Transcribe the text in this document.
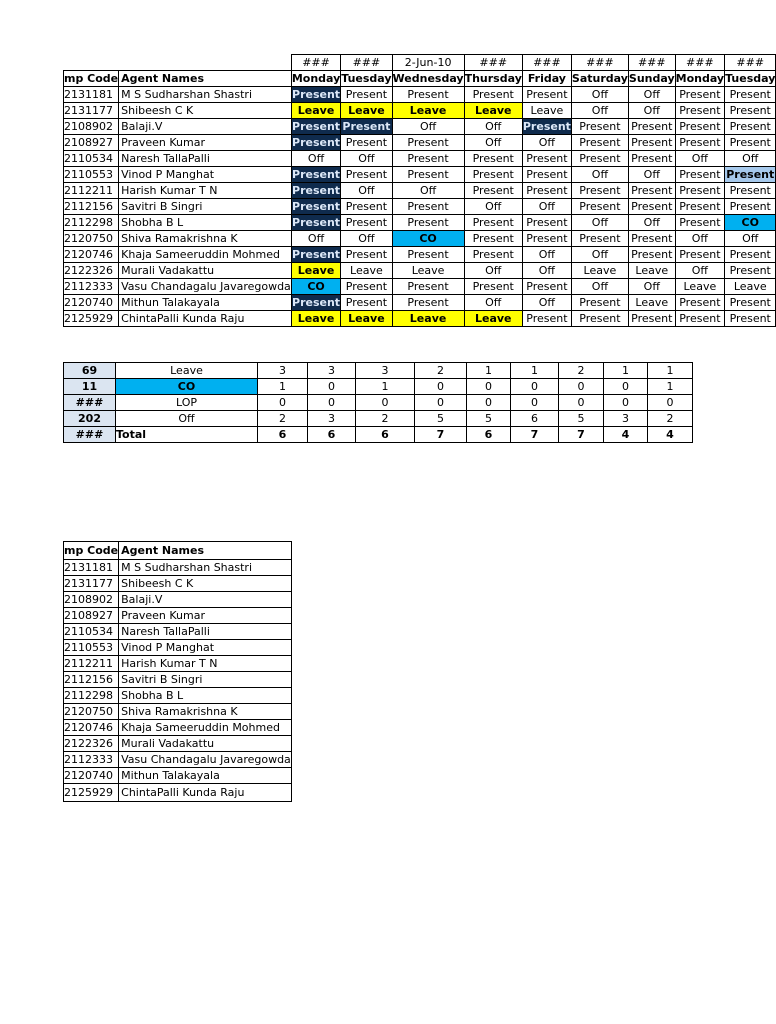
		###	###	2-Jun-10	###	###	###	###	###	###
mp Code	Agent Names	Monday	Tuesday	Wednesday	Thursday	Friday	Saturday	Sunday	Monday	Tuesday
2131181	M S Sudharshan Shastri	Present	Present	Present	Present	Present	Off	Off	Present	Present
2131177	Shibeesh C K	Leave	Leave	Leave	Leave	Leave	Off	Off	Present	Present
2108902	Balaji.V	Present	Present	Off	Off	Present	Present	Present	Present	Present
2108927	Praveen Kumar	Present	Present	Present	Off	Off	Present	Present	Present	Present
2110534	Naresh TallaPalli	Off	Off	Present	Present	Present	Present	Present	Off	Off
2110553	Vinod P Manghat	Present	Present	Present	Present	Present	Off	Off	Present	Present
2112211	Harish Kumar T N	Present	Off	Off	Present	Present	Present	Present	Present	Present
2112156	Savitri B Singri	Present	Present	Present	Off	Off	Present	Present	Present	Present
2112298	Shobha B L	Present	Present	Present	Present	Present	Off	Off	Present	CO
2120750	Shiva Ramakrishna K	Off	Off	CO	Present	Present	Present	Present	Off	Off
2120746	Khaja Sameeruddin Mohmed	Present	Present	Present	Present	Off	Off	Present	Present	Present
2122326	Murali Vadakattu	Leave	Leave	Leave	Off	Off	Leave	Leave	Off	Present
2112333	Vasu Chandagalu Javaregowda	CO	Present	Present	Present	Present	Off	Off	Leave	Leave
2120740	Mithun Talakayala	Present	Present	Present	Off	Off	Present	Leave	Present	Present
2125929	ChintaPalli Kunda Raju	Leave	Leave	Leave	Leave	Present	Present	Present	Present	Present
69	Leave	3	3	3	2	1	1	2	1	1
11	CO	1	0	1	0	0	0	0	0	1
###	LOP	0	0	0	0	0	0	0	0	0
202	Off	2	3	2	5	5	6	5	3	2
###	Total	6	6	6	7	6	7	7	4	4
mp Code	Agent Names
2131181	M S Sudharshan Shastri
2131177	Shibeesh C K
2108902	Balaji.V
2108927	Praveen Kumar
2110534	Naresh TallaPalli
2110553	Vinod P Manghat
2112211	Harish Kumar T N
2112156	Savitri B Singri
2112298	Shobha B L
2120750	Shiva Ramakrishna K
2120746	Khaja Sameeruddin Mohmed
2122326	Murali Vadakattu
2112333	Vasu Chandagalu Javaregowda
2120740	Mithun Talakayala
2125929	ChintaPalli Kunda Raju
